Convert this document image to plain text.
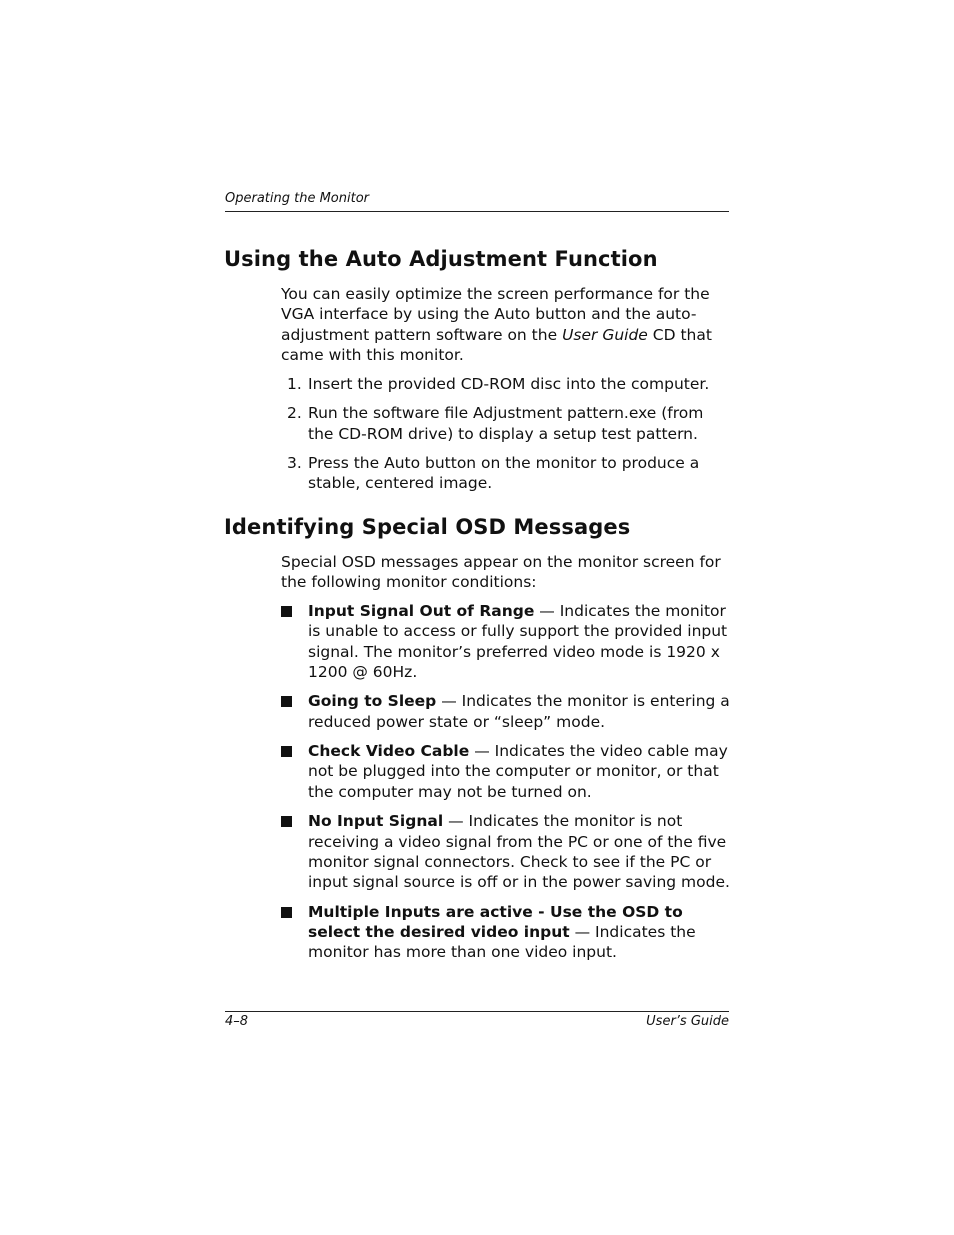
Operating the Monitor
Using the Auto Adjustment Function
You can easily optimize the screen performance for the VGA interface by using the Auto button and the auto-adjustment pattern software on the User Guide CD that came with this monitor.
1. Insert the provided CD-ROM disc into the computer.
2. Run the software file Adjustment pattern.exe (from the CD-ROM drive) to display a setup test pattern.
3. Press the Auto button on the monitor to produce a stable, centered image.
Identifying Special OSD Messages
Special OSD messages appear on the monitor screen for the following monitor conditions:
Input Signal Out of Range — Indicates the monitor is unable to access or fully support the provided input signal. The monitor’s preferred video mode is 1920 x 1200 @ 60Hz.
Going to Sleep — Indicates the monitor is entering a reduced power state or “sleep” mode.
Check Video Cable — Indicates the video cable may not be plugged into the computer or monitor, or that the computer may not be turned on.
No Input Signal — Indicates the monitor is not receiving a video signal from the PC or one of the five monitor signal connectors. Check to see if the PC or input signal source is off or in the power saving mode.
Multiple Inputs are active - Use the OSD to select the desired video input — Indicates the monitor has more than one video input.
4–8	User’s Guide
